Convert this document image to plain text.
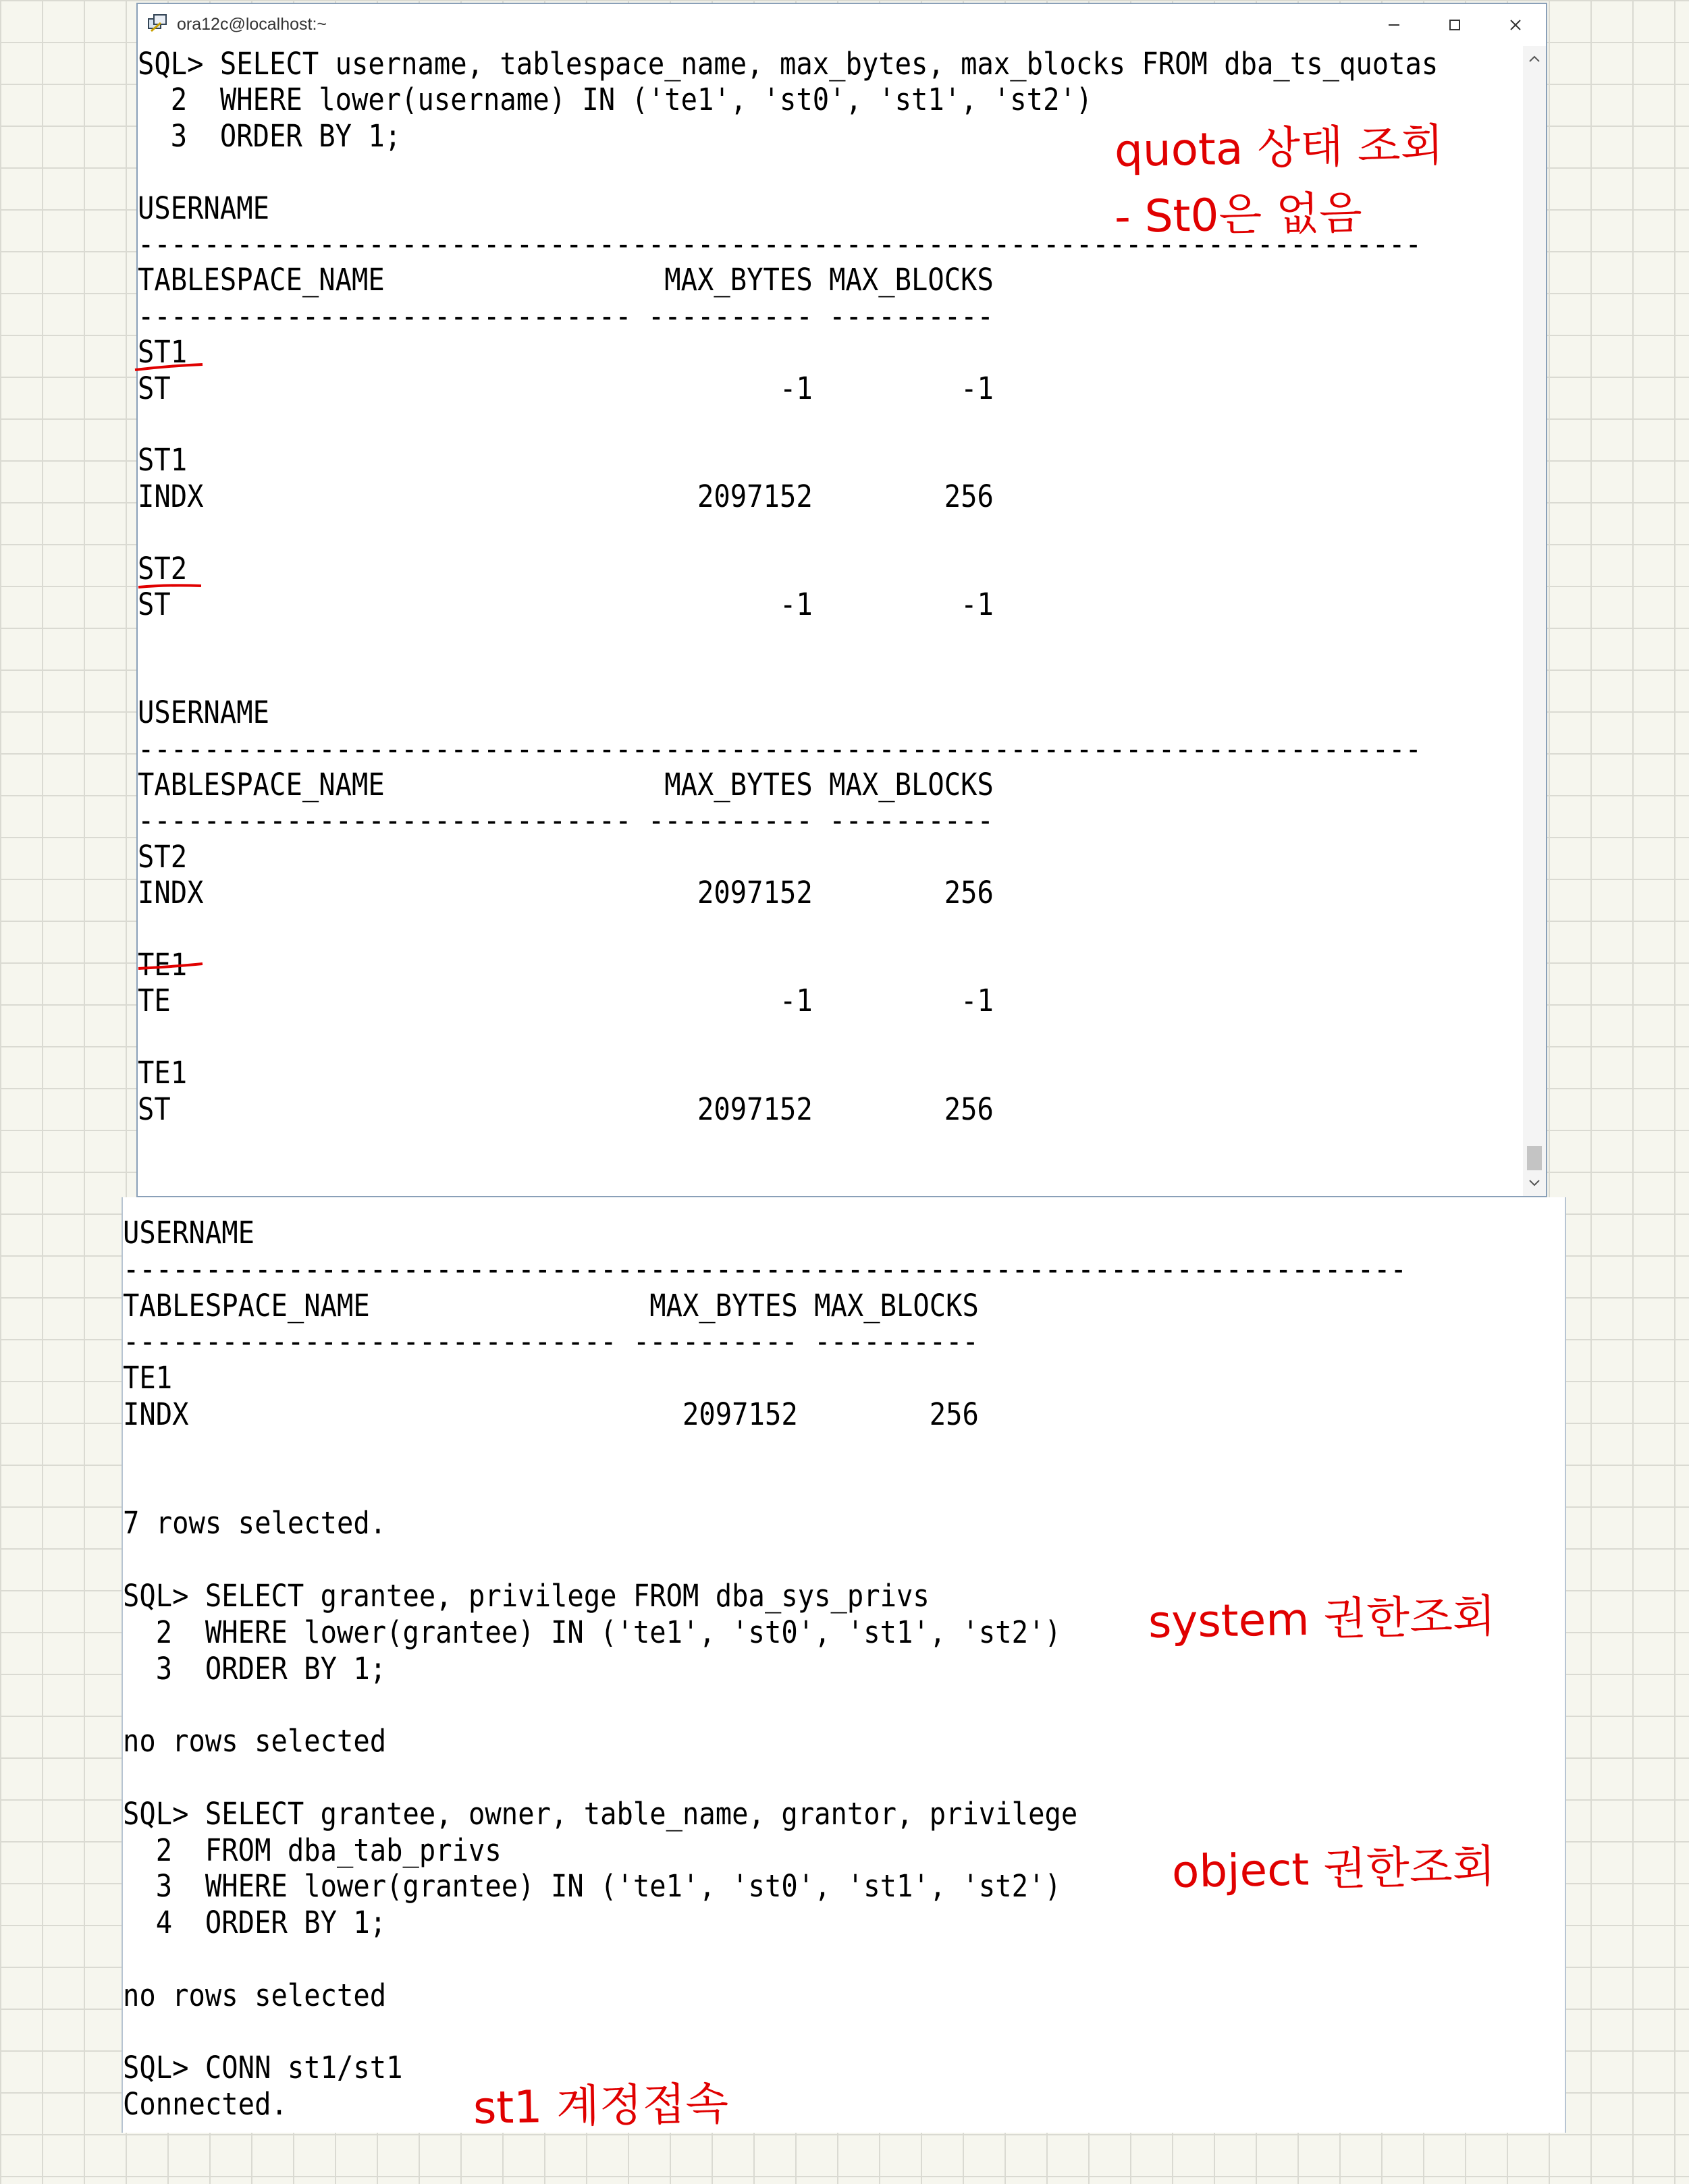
ora12c@localhost:~
SQL> SELECT username, tablespace_name, max_bytes, max_blocks FROM dba_ts_quotas
2  WHERE lower(username) IN ('te1', 'st0', 'st1', 'st2')
3  ORDER BY 1;
USERNAME
------------------------------------------------------------------------------
TABLESPACE_NAME                 MAX_BYTES MAX_BLOCKS
------------------------------ ---------- ----------
ST1
ST                                     -1         -1
ST1
INDX                              2097152        256
ST2
ST                                     -1         -1
USERNAME
------------------------------------------------------------------------------
TABLESPACE_NAME                 MAX_BYTES MAX_BLOCKS
------------------------------ ---------- ----------
ST2
INDX                              2097152        256
TE1
TE                                     -1         -1
TE1
ST                                2097152        256
USERNAME
------------------------------------------------------------------------------
TABLESPACE_NAME                 MAX_BYTES MAX_BLOCKS
------------------------------ ---------- ----------
TE1
INDX                              2097152        256
7 rows selected.
SQL> SELECT grantee, privilege FROM dba_sys_privs
2  WHERE lower(grantee) IN ('te1', 'st0', 'st1', 'st2')
3  ORDER BY 1;
no rows selected
SQL> SELECT grantee, owner, table_name, grantor, privilege
2  FROM dba_tab_privs
3  WHERE lower(grantee) IN ('te1', 'st0', 'st1', 'st2')
4  ORDER BY 1;
no rows selected
SQL> CONN st1/st1
Connected.
quota 상태 조회
- St0은 없음
system 권한조회
object 권한조회
st1 계정접속
